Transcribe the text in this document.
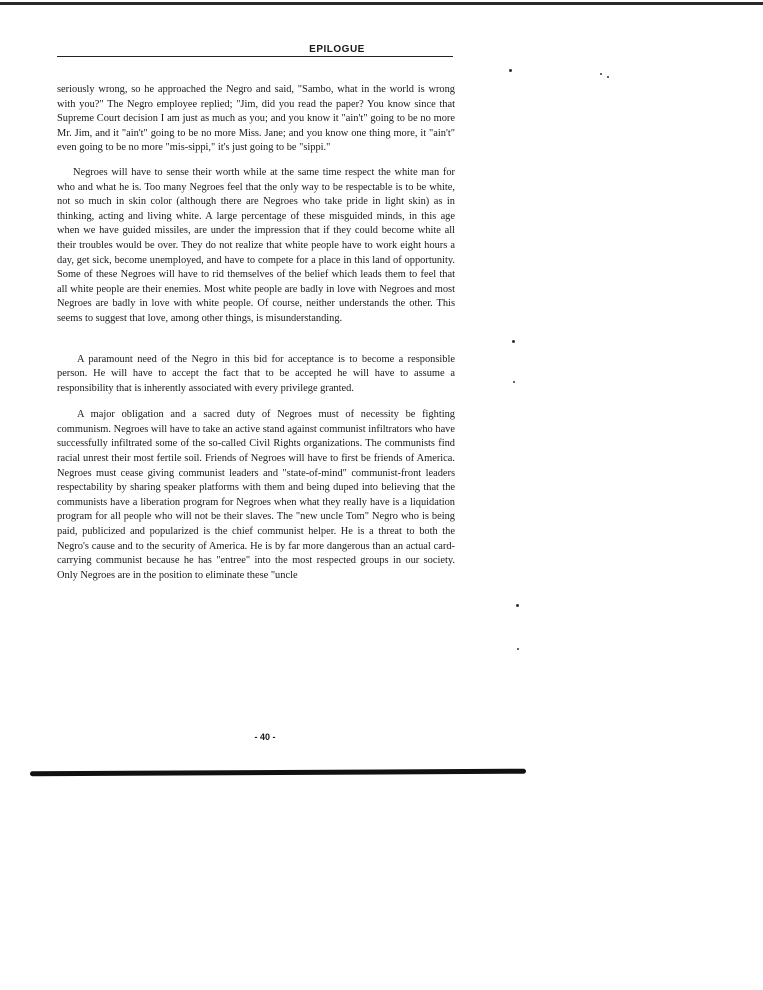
EPILOGUE

seriously wrong, so he approached the Negro and said, "Sambo, what in the world is wrong with you?" The Negro employee replied; "Jim, did you read the paper? You know since that Supreme Court decision I am just as much as you; and you know it "ain't" going to be no more Mr. Jim, and it "ain't" going to be no more Miss. Jane; and you know one thing more, it "ain't" even going to be no more "mis-sippi," it's just going to be "sippi."

Negroes will have to sense their worth while at the same time respect the white man for who and what he is. Too many Negroes feel that the only way to be respectable is to be white, not so much in skin color (although there are Negroes who take pride in light skin) as in thinking, acting and living white. A large percentage of these misguided minds, in this age when we have guided missiles, are under the impression that if they could become white all their troubles would be over. They do not realize that white people have to work eight hours a day, get sick, become unemployed, and have to compete for a place in this land of opportunity. Some of these Negroes will have to rid themselves of the belief which leads them to feel that all white people are their enemies. Most white people are badly in love with Negroes and most Negroes are badly in love with white people. Of course, neither understands the other. This seems to suggest that love, among other things, is misunderstanding.

A paramount need of the Negro in this bid for acceptance is to become a responsible person. He will have to accept the fact that to be accepted he will have to assume a responsibility that is inherently associated with every privilege granted.

A major obligation and a sacred duty of Negroes must of necessity be fighting communism. Negroes will have to take an active stand against communist infiltrators who have successfully infiltrated some of the so-called Civil Rights organizations. The communists find racial unrest their most fertile soil. Friends of Negroes will have to first be friends of America. Negroes must cease giving communist leaders and "state-of-mind" communist-front leaders respectability by sharing speaker platforms with them and being duped into believing that the communists have a liberation program for Negroes when what they really have is a liquidation program for all people who will not be their slaves. The "new uncle Tom" Negro who is being paid, publicized and popularized is the chief communist helper. He is a threat to both the Negro's cause and to the security of America. He is by far more dangerous than an actual card-carrying communist because he has "entree" into the most respected groups in our society. Only Negroes are in the position to eliminate these "uncle

- 40 -
